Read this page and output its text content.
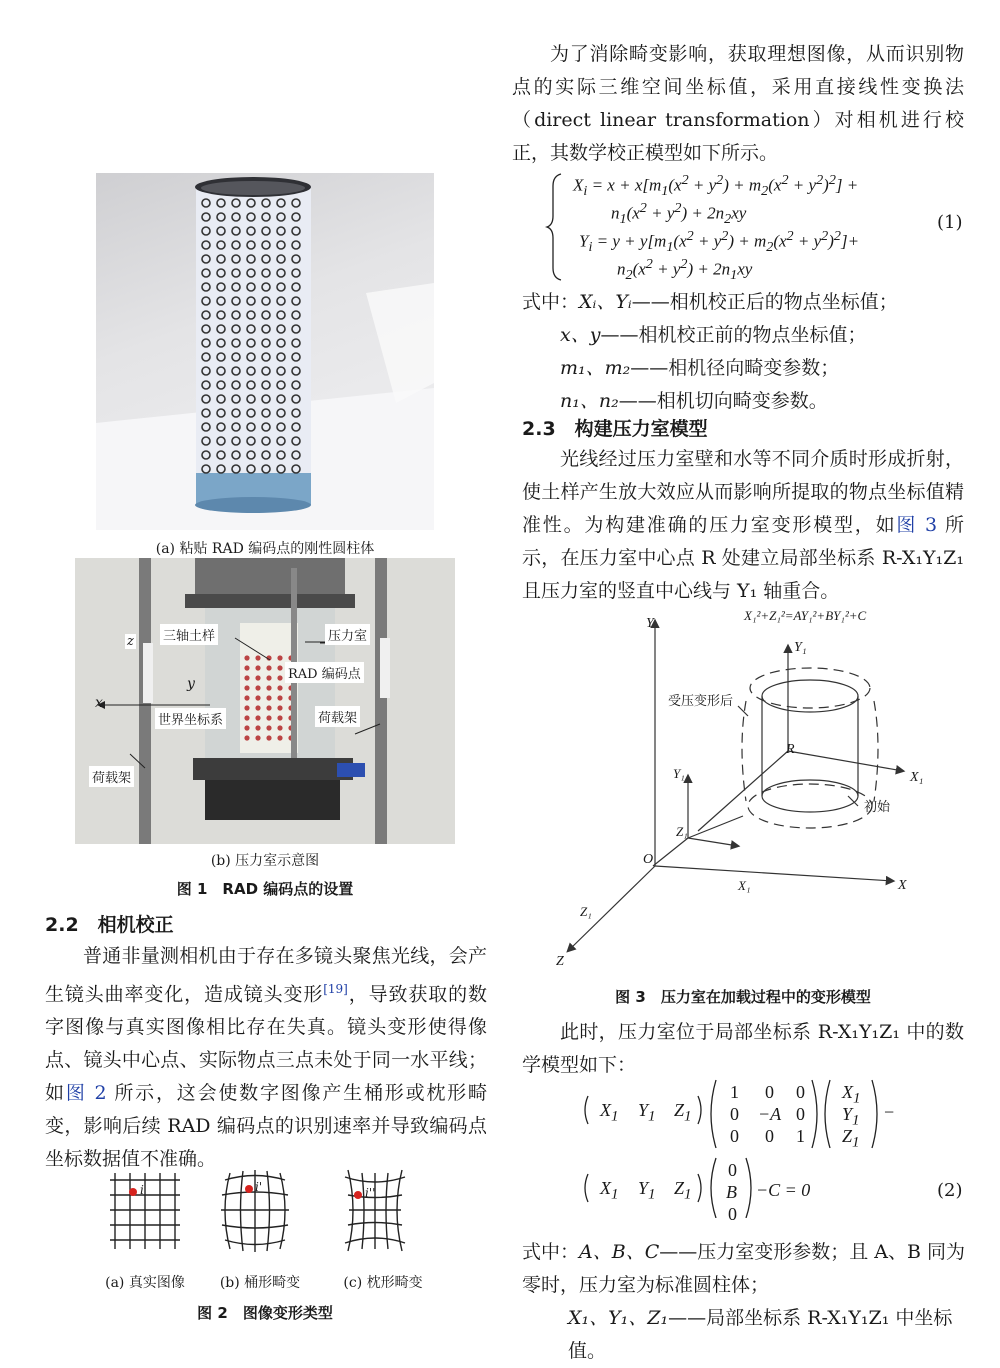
(a) 粘贴 RAD 编码点的刚性圆柱体
z
y
x
三轴土样	压力室
RAD 编码点
世界坐标系	荷载架
荷载架
(b) 压力室示意图
图 1　RAD 编码点的设置
2.2　相机校正

普通非量测相机由于存在多镜头聚焦光线，会产生镜头曲率变化，造成镜头变形[19]，导致获取的数字图像与真实图像相比存在失真。镜头变形使得像点、镜头中心点、实际物点三点未处于同一水平线；如图 2 所示，这会使数字图像产生桶形或枕形畸变，影响后续 RAD 编码点的识别速率并导致编码点坐标数据值不准确。

i	i'	i''
(a) 真实图像	(b) 桶形畸变	(c) 枕形畸变
图 2　图像变形类型
为了消除畸变影响，获取理想图像，从而识别物点的实际三维空间坐标值，采用直接线性变换法（direct linear transformation）对相机进行校正，其数学校正模型如下所示。
$X_i = x + x[m_1(x^2 + y^2) + m_2(x^2 + y^2)^2]$ +
$n_1(x^2 + y^2) + 2n_2xy$
$Y_i = y + y[m_1(x^2 + y^2) + m_2(x^2 + y^2)^2]+$
$n_2(x^2 + y^2) + 2n_1xy$
(1)
式中：Xᵢ、Yᵢ——相机校正后的物点坐标值；
x、y——相机校正前的物点坐标值；
m₁、m₂——相机径向畸变参数；
n₁、n₂——相机切向畸变参数。
2.3　构建压力室模型

光线经过压力室壁和水等不同介质时形成折射，使土样产生放大效应从而影响所提取的物点坐标值精准性。为构建准确的压力室变形模型，如图 3 所示，在压力室中心点 R 处建立局部坐标系 R-X₁Y₁Z₁ 且压力室的竖直中心线与 Y₁ 轴重合。

X₁²+Z₁²=AY₁²+BY₁²+C
Y
Y₁
受压变形后
R
X₁
初始
Y₁
Z₁
O
X₁	X
Z₁
Z
图 3　压力室在加载过程中的变形模型
此时，压力室位于局部坐标系 R-X₁Y₁Z₁ 中的数学模型如下：
$X_1$ $Y_1$ $Z_1$
1 0 0
0 −A 0
0 0 1
$X_1$
$Y_1$
$Z_1$
−
$X_1$ $Y_1$ $Z_1$
0
B
0
−C = 0	(2)
式中：A、B、C——压力室变形参数；且 A、B 同为零时，压力室为标准圆柱体；
X₁、Y₁、Z₁——局部坐标系 R-X₁Y₁Z₁ 中坐标值。
